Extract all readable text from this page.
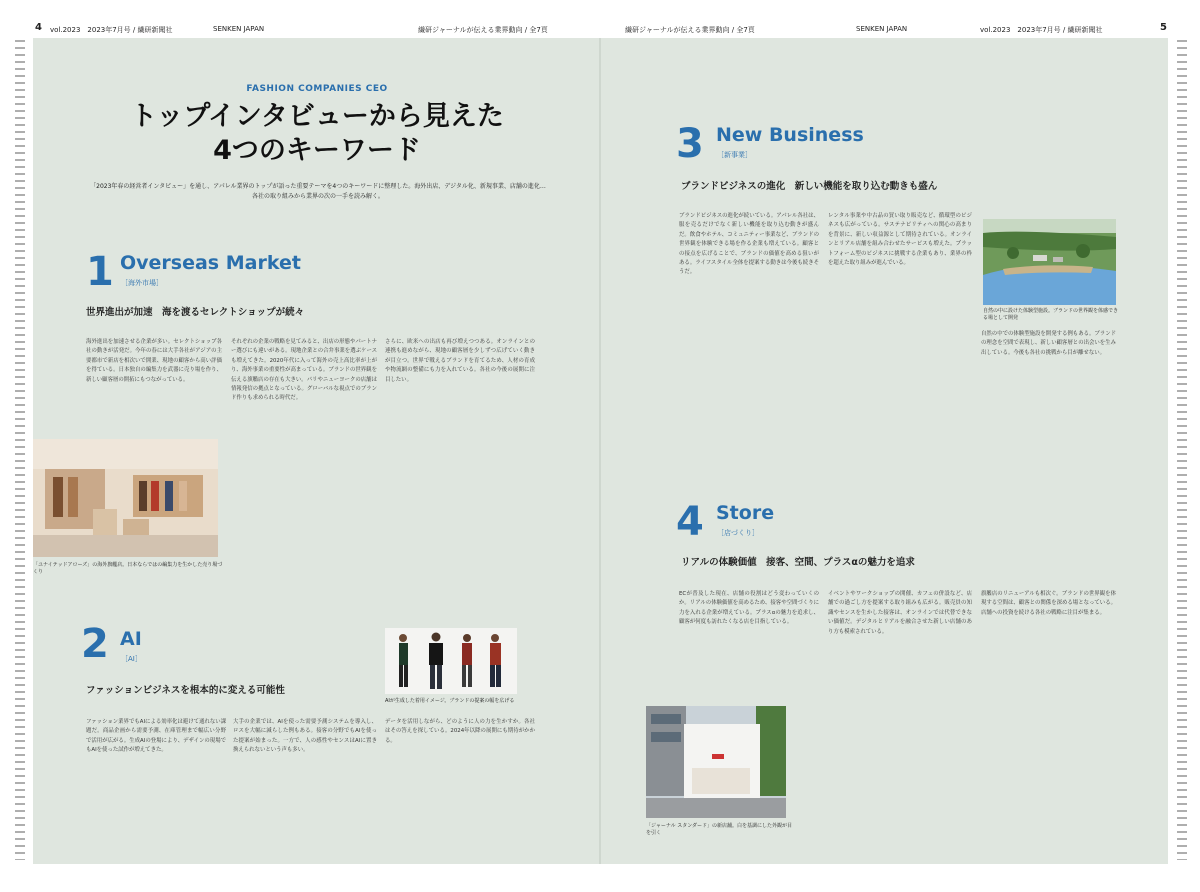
4 vol.2023　2023年7月号 / 繊研新聞社	SENKEN JAPAN	繊研ジャーナルが伝える業界動向 / 全7頁	繊研ジャーナルが伝える業界動向 / 全7頁	SENKEN JAPAN	vol.2023　2023年7月号 / 繊研新聞社	5
FASHION COMPANIES CEO
トップインタビューから見えた
4つのキーワード
「2023年春の経営者インタビュー」を通し、アパレル業界のトップが語った重要テーマを4つのキーワードに整理した。海外出店、デジタル化、新規事業、店舗の進化…各社の取り組みから業界の次の一手を読み解く。
1 Overseas Market
［海外市場］
世界進出が加速　海を渡るセレクトショップが続々
海外進出を加速させる企業が多い。セレクトショップ各社の動きが活発だ。今年の春には大手各社がアジアの主要都市で新店を相次いで開業、現地の顧客から高い評価を得ている。日本独自の編集力を武器に売り場を作り、新しい顧客層の開拓にもつながっている。
それぞれの企業の戦略を見てみると、出店の形態やパートナー選びにも違いがある。現地企業との合弁事業を選ぶケースも増えてきた。2020年代に入って海外の売上高比率が上がり、海外事業の重要性が高まっている。ブランドの世界観を伝える旗艦店の存在も大きい。パリやニューヨークの店舗は情報発信の拠点となっている。グローバルな視点でのブランド作りも求められる時代だ。
さらに、欧米への出店も再び増えつつある。オンラインとの連携も進めながら、現地の顧客層を少しずつ広げていく動きが目立つ。世界で戦えるブランドを育てるため、人材の育成や物流網の整備にも力を入れている。各社の今後の展開に注目したい。
「ユナイテッドアローズ」の海外旗艦店。日本ならではの編集力を生かした売り場づくり
2 AI
［AI］
ファッションビジネスを根本的に変える可能性
AIが生成した着用イメージ。ブランドの提案の幅を広げる
ファッション業界でもAIによる効率化は避けて通れない課題だ。商品企画から需要予測、在庫管理まで幅広い分野で活用が広がる。生成AIの登場により、デザインの現場でもAIを使った試作が増えてきた。
大手の企業では、AIを使った需要予測システムを導入し、ロスを大幅に減らした例もある。接客の分野でもAIを使った提案が始まった。一方で、人の感性やセンスはAIに置き換えられないという声も多い。
データを活用しながら、どのように人の力を生かすか。各社はその答えを探している。2024年以降の展開にも期待がかかる。
3 New Business
［新事業］
ブランドビジネスの進化　新しい機能を取り込む動きも盛ん
ブランドビジネスの進化が続いている。アパレル各社は、服を売るだけでなく新しい機能を取り込む動きが盛んだ。飲食やホテル、コミュニティー事業など、ブランドの世界観を体験できる場を作る企業も増えている。顧客との接点を広げることで、ブランドの価値を高める狙いがある。ライフスタイル全体を提案する動きは今後も続きそうだ。
レンタル事業や中古品の買い取り販売など、循環型のビジネスも広がっている。サステナビリティへの関心の高まりを背景に、新しい収益源として期待されている。オンラインとリアル店舗を組み合わせたサービスも増えた。プラットフォーム型のビジネスに挑戦する企業もあり、業界の枠を超えた取り組みが進んでいる。
自然の中での体験型施設を開発する例もある。ブランドの理念を空間で表現し、新しい顧客層との出会いを生み出している。今後も各社の挑戦から目が離せない。
自然の中に設けた体験型施設。ブランドの世界観を体感できる場として開発
4 Store
［店づくり］
リアルの体験価値　接客、空間、プラスαの魅力を追求
ECが普及した現在、店舗の役割はどう変わっていくのか。リアルの体験価値を高めるため、接客や空間づくりに力を入れる企業が増えている。プラスαの魅力を追求し、顧客が何度も訪れたくなる店を目指している。
イベントやワークショップの開催、カフェの併設など、店舗での過ごし方を提案する取り組みも広がる。販売員の知識やセンスを生かした接客は、オンラインでは代替できない価値だ。デジタルとリアルを融合させた新しい店舗のあり方も模索されている。
旗艦店のリニューアルも相次ぐ。ブランドの世界観を体現する空間は、顧客との関係を深める場となっている。店舗への投資を続ける各社の戦略に注目が集まる。
「ジャーナル スタンダード」の新店舗。白を基調にした外観が目を引く
